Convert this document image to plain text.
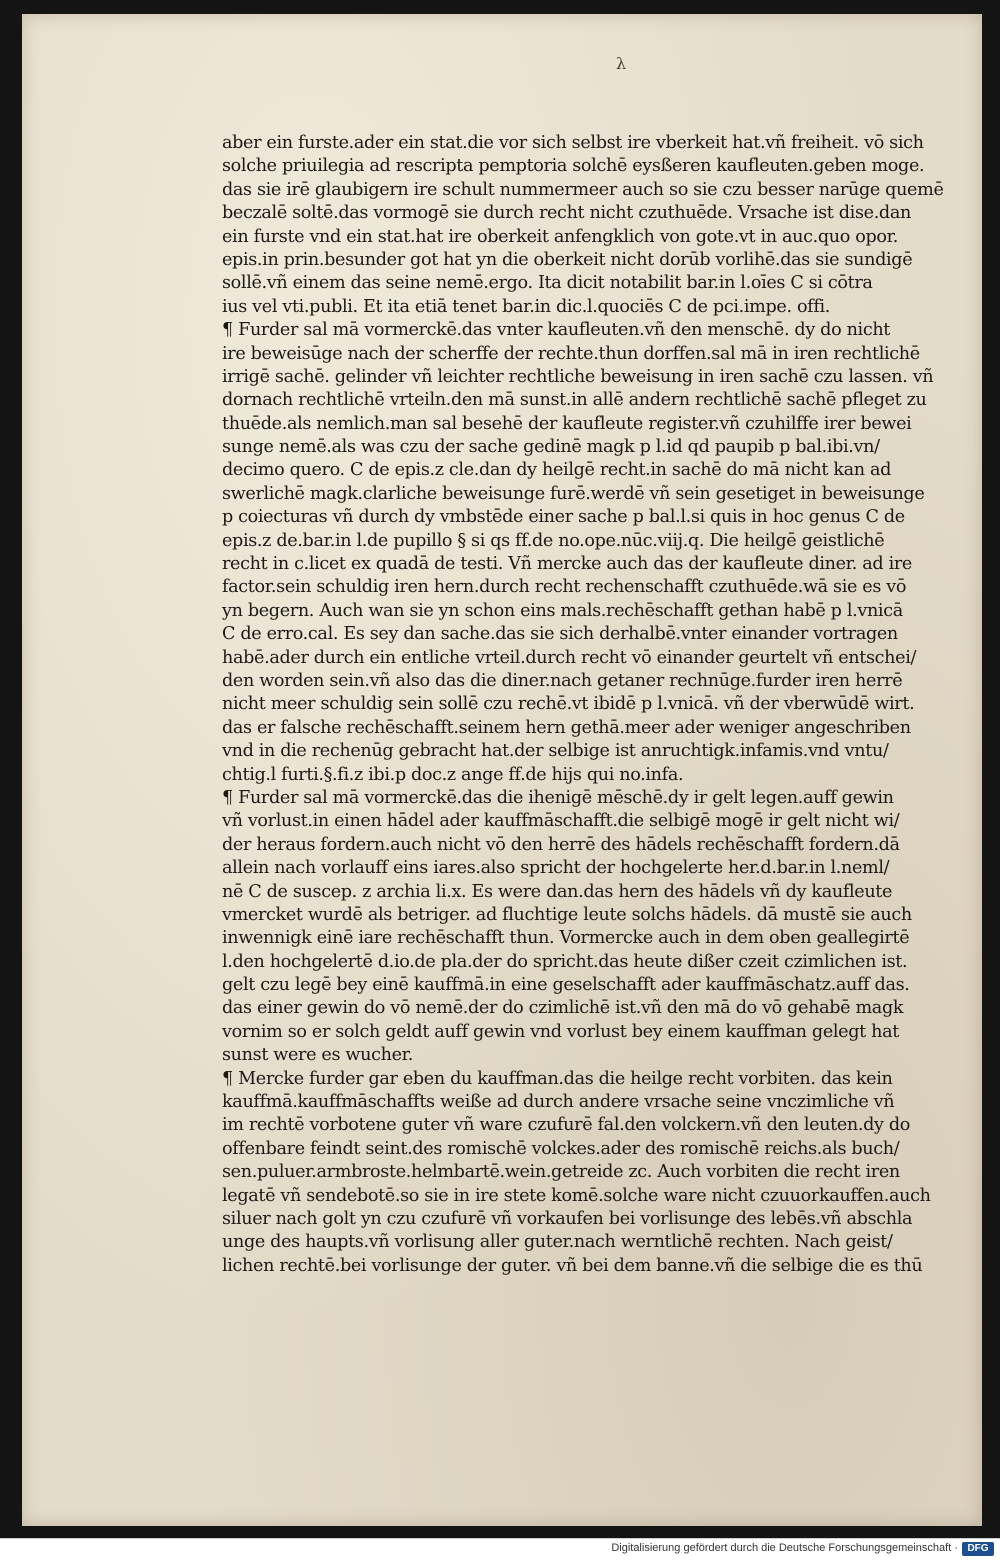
λ
aber ein furste.ader ein stat.die vor sich selbst ire vberkeit hat.vñ freiheit. vō sich
solche priuilegia ad rescripta pemptoria solchē eysßeren kaufleuten.geben moge.
das sie irē glaubigern ire schult nummermeer auch so sie czu besser narūge quemē
beczalē soltē.das vormogē sie durch recht nicht czuthuēde. Vrsache ist dise.dan
ein furste vnd ein stat.hat ire oberkeit anfengklich von gote.vt in auc.quo opor.
epis.in prin.besunder got hat yn die oberkeit nicht dorūb vorlihē.das sie sundigē
sollē.vñ einem das seine nemē.ergo. Ita dicit notabilit bar.in l.oīes C si cōtra
ius vel vti.publi. Et ita etiā tenet bar.in dic.l.quociēs C de pci.impe. offi.
¶ Furder sal mā vormerckē.das vnter kaufleuten.vñ den menschē. dy do nicht
ire beweisūge nach der scherffe der rechte.thun dorffen.sal mā in iren rechtlichē
irrigē sachē. gelinder vñ leichter rechtliche beweisung in iren sachē czu lassen. vñ
dornach rechtlichē vrteiln.den mā sunst.in allē andern rechtlichē sachē pfleget zu
thuēde.als nemlich.man sal besehē der kaufleute register.vñ czuhilffe irer bewei
sunge nemē.als was czu der sache gedinē magk p l.id qd paupib p bal.ibi.vn/
decimo quero. C de epis.z cle.dan dy heilgē recht.in sachē do mā nicht kan ad
swerlichē magk.clarliche beweisunge furē.werdē vñ sein gesetiget in beweisunge
p coiecturas vñ durch dy vmbstēde einer sache p bal.l.si quis in hoc genus C de
epis.z de.bar.in l.de pupillo § si qs ff.de no.ope.nūc.viij.q. Die heilgē geistlichē
recht in c.licet ex quadā de testi. Vñ mercke auch das der kaufleute diner. ad ire
factor.sein schuldig iren hern.durch recht rechenschafft czuthuēde.wā sie es vō
yn begern. Auch wan sie yn schon eins mals.rechēschafft gethan habē p l.vnicā
C de erro.cal. Es sey dan sache.das sie sich derhalbē.vnter einander vortragen
habē.ader durch ein entliche vrteil.durch recht vō einander geurtelt vñ entschei/
den worden sein.vñ also das die diner.nach getaner rechnūge.furder iren herrē
nicht meer schuldig sein sollē czu rechē.vt ibidē p l.vnicā. vñ der vberwūdē wirt.
das er falsche rechēschafft.seinem hern gethā.meer ader weniger angeschriben
vnd in die rechenūg gebracht hat.der selbige ist anruchtigk.infamis.vnd vntu/
chtig.l furti.§.fi.z ibi.p doc.z ange ff.de hijs qui no.infa.
¶ Furder sal mā vormerckē.das die ihenigē mēschē.dy ir gelt legen.auff gewin
vñ vorlust.in einen hādel ader kauffmāschafft.die selbigē mogē ir gelt nicht wi/
der heraus fordern.auch nicht vō den herrē des hādels rechēschafft fordern.dā
allein nach vorlauff eins iares.also spricht der hochgelerte her.d.bar.in l.neml/
nē C de suscep. z archia li.x. Es were dan.das hern des hādels vñ dy kaufleute
vmercket wurdē als betriger. ad fluchtige leute solchs hādels. dā mustē sie auch
inwennigk einē iare rechēschafft thun. Vormercke auch in dem oben geallegirtē
l.den hochgelertē d.io.de pla.der do spricht.das heute dißer czeit czimlichen ist.
gelt czu legē bey einē kauffmā.in eine geselschafft ader kauffmāschatz.auff das.
das einer gewin do vō nemē.der do czimlichē ist.vñ den mā do vō gehabē magk
vornim so er solch geldt auff gewin vnd vorlust bey einem kauffman gelegt hat
sunst were es wucher.
¶ Mercke furder gar eben du kauffman.das die heilge recht vorbiten. das kein
kauffmā.kauffmāschaffts weiße ad durch andere vrsache seine vnczimliche vñ
im rechtē vorbotene guter vñ ware czufurē fal.den volckern.vñ den leuten.dy do
offenbare feindt seint.des romischē volckes.ader des romischē reichs.als buch/
sen.puluer.armbroste.helmbartē.wein.getreide zc. Auch vorbiten die recht iren
legatē vñ sendebotē.so sie in ire stete komē.solche ware nicht czuuorkauffen.auch
siluer nach golt yn czu czufurē vñ vorkaufen bei vorlisunge des lebēs.vñ abschla
unge des haupts.vñ vorlisung aller guter.nach werntlichē rechten. Nach geist/
lichen rechtē.bei vorlisunge der guter. vñ bei dem banne.vñ die selbige die es thū
Digitalisierung gefördert durch die Deutsche Forschungsgemeinschaft · DFG
